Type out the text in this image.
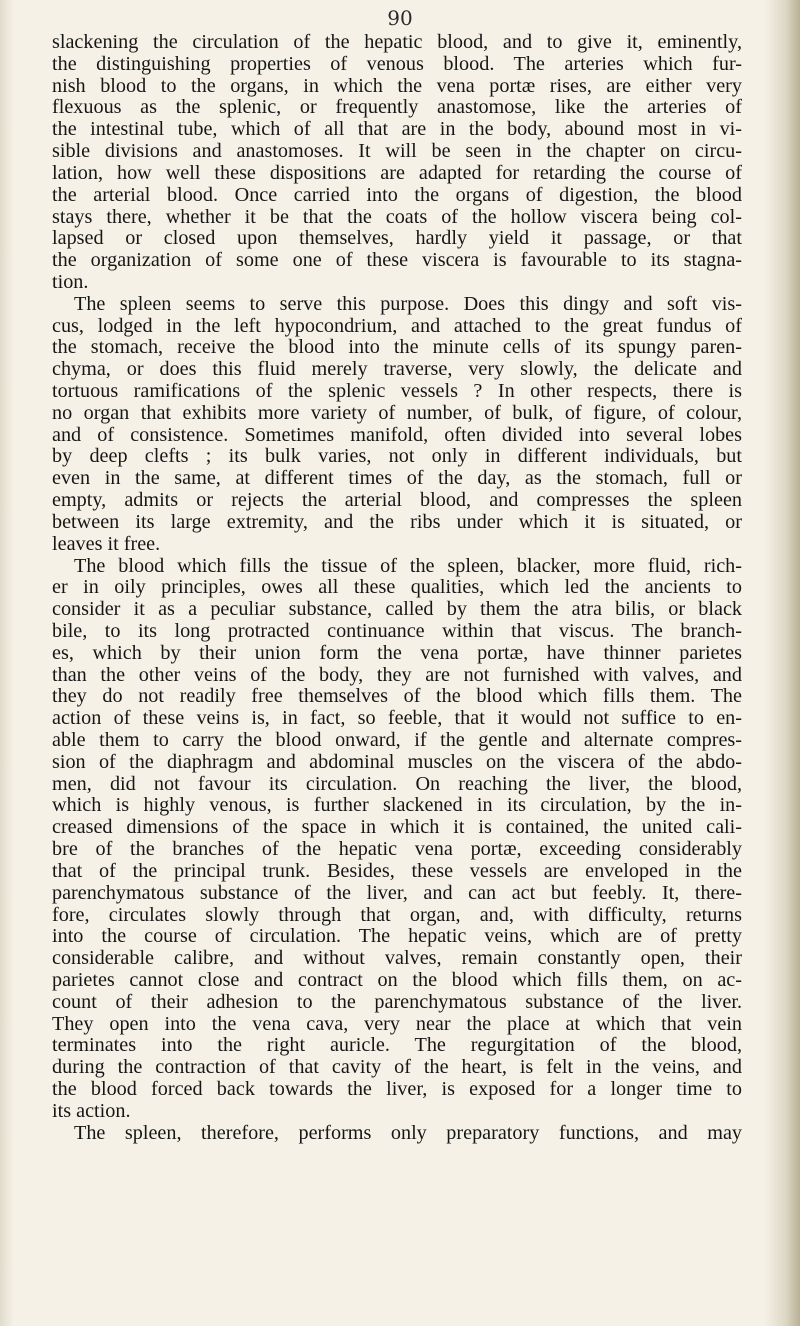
90

slackening the circulation of the hepatic blood, and to give it, eminently,

the distinguishing properties of venous blood. The arteries which fur-

nish blood to the organs, in which the vena portæ rises, are either very

flexuous as the splenic, or frequently anastomose, like the arteries of

the intestinal tube, which of all that are in the body, abound most in vi-

sible divisions and anastomoses. It will be seen in the chapter on circu-

lation, how well these dispositions are adapted for retarding the course of

the arterial blood. Once carried into the organs of digestion, the blood

stays there, whether it be that the coats of the hollow viscera being col-

lapsed or closed upon themselves, hardly yield it passage, or that

the organization of some one of these viscera is favourable to its stagna-

tion.

The spleen seems to serve this purpose. Does this dingy and soft vis-

cus, lodged in the left hypocondrium, and attached to the great fundus of

the stomach, receive the blood into the minute cells of its spungy paren-

chyma, or does this fluid merely traverse, very slowly, the delicate and

tortuous ramifications of the splenic vessels ? In other respects, there is

no organ that exhibits more variety of number, of bulk, of figure, of colour,

and of consistence. Sometimes manifold, often divided into several lobes

by deep clefts ; its bulk varies, not only in different individuals, but

even in the same, at different times of the day, as the stomach, full or

empty, admits or rejects the arterial blood, and compresses the spleen

between its large extremity, and the ribs under which it is situated, or

leaves it free.

The blood which fills the tissue of the spleen, blacker, more fluid, rich-

er in oily principles, owes all these qualities, which led the ancients to

consider it as a peculiar substance, called by them the atra bilis, or black

bile, to its long protracted continuance within that viscus. The branch-

es, which by their union form the vena portæ, have thinner parietes

than the other veins of the body, they are not furnished with valves, and

they do not readily free themselves of the blood which fills them. The

action of these veins is, in fact, so feeble, that it would not suffice to en-

able them to carry the blood onward, if the gentle and alternate compres-

sion of the diaphragm and abdominal muscles on the viscera of the abdo-

men, did not favour its circulation. On reaching the liver, the blood,

which is highly venous, is further slackened in its circulation, by the in-

creased dimensions of the space in which it is contained, the united cali-

bre of the branches of the hepatic vena portæ, exceeding considerably

that of the principal trunk. Besides, these vessels are enveloped in the

parenchymatous substance of the liver, and can act but feebly. It, there-

fore, circulates slowly through that organ, and, with difficulty, returns

into the course of circulation. The hepatic veins, which are of pretty

considerable calibre, and without valves, remain constantly open, their

parietes cannot close and contract on the blood which fills them, on ac-

count of their adhesion to the parenchymatous substance of the liver.

They open into the vena cava, very near the place at which that vein

terminates into the right auricle. The regurgitation of the blood,

during the contraction of that cavity of the heart, is felt in the veins, and

the blood forced back towards the liver, is exposed for a longer time to

its action.

The spleen, therefore, performs only preparatory functions, and may
